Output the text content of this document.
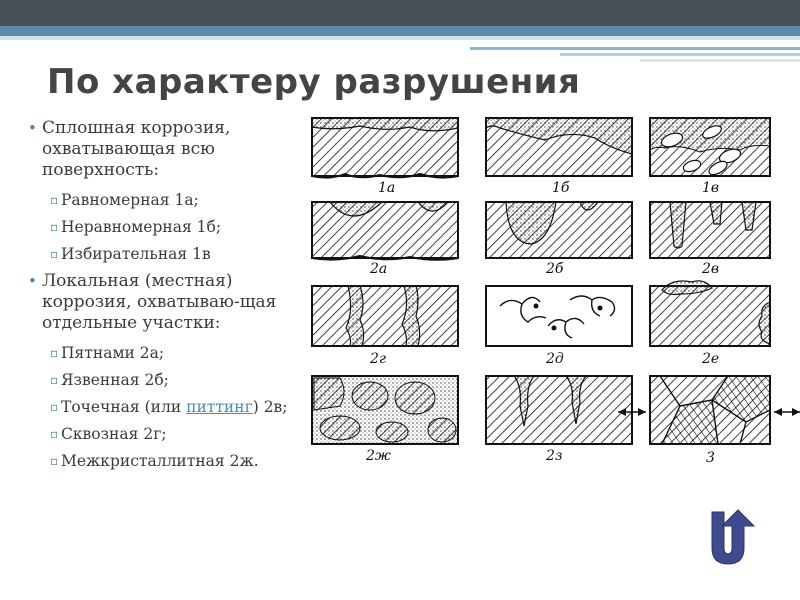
По характеру разрушения
• Сплошная коррозия, охватывающая всю поверхность:
▫ Равномерная 1а;
▫ Неравномерная 1б;
▫ Избирательная 1в
• Локальная (местная) коррозия, охватываю-щая отдельные участки:
▫ Пятнами 2а;
▫ Язвенная 2б;
▫ Точечная (или питтинг) 2в;
▫ Сквозная 2г;
▫ Межкристаллитная 2ж.
1а	1б	1в
2а	2б	2в
2г	2д	2е
2ж	2з	3
